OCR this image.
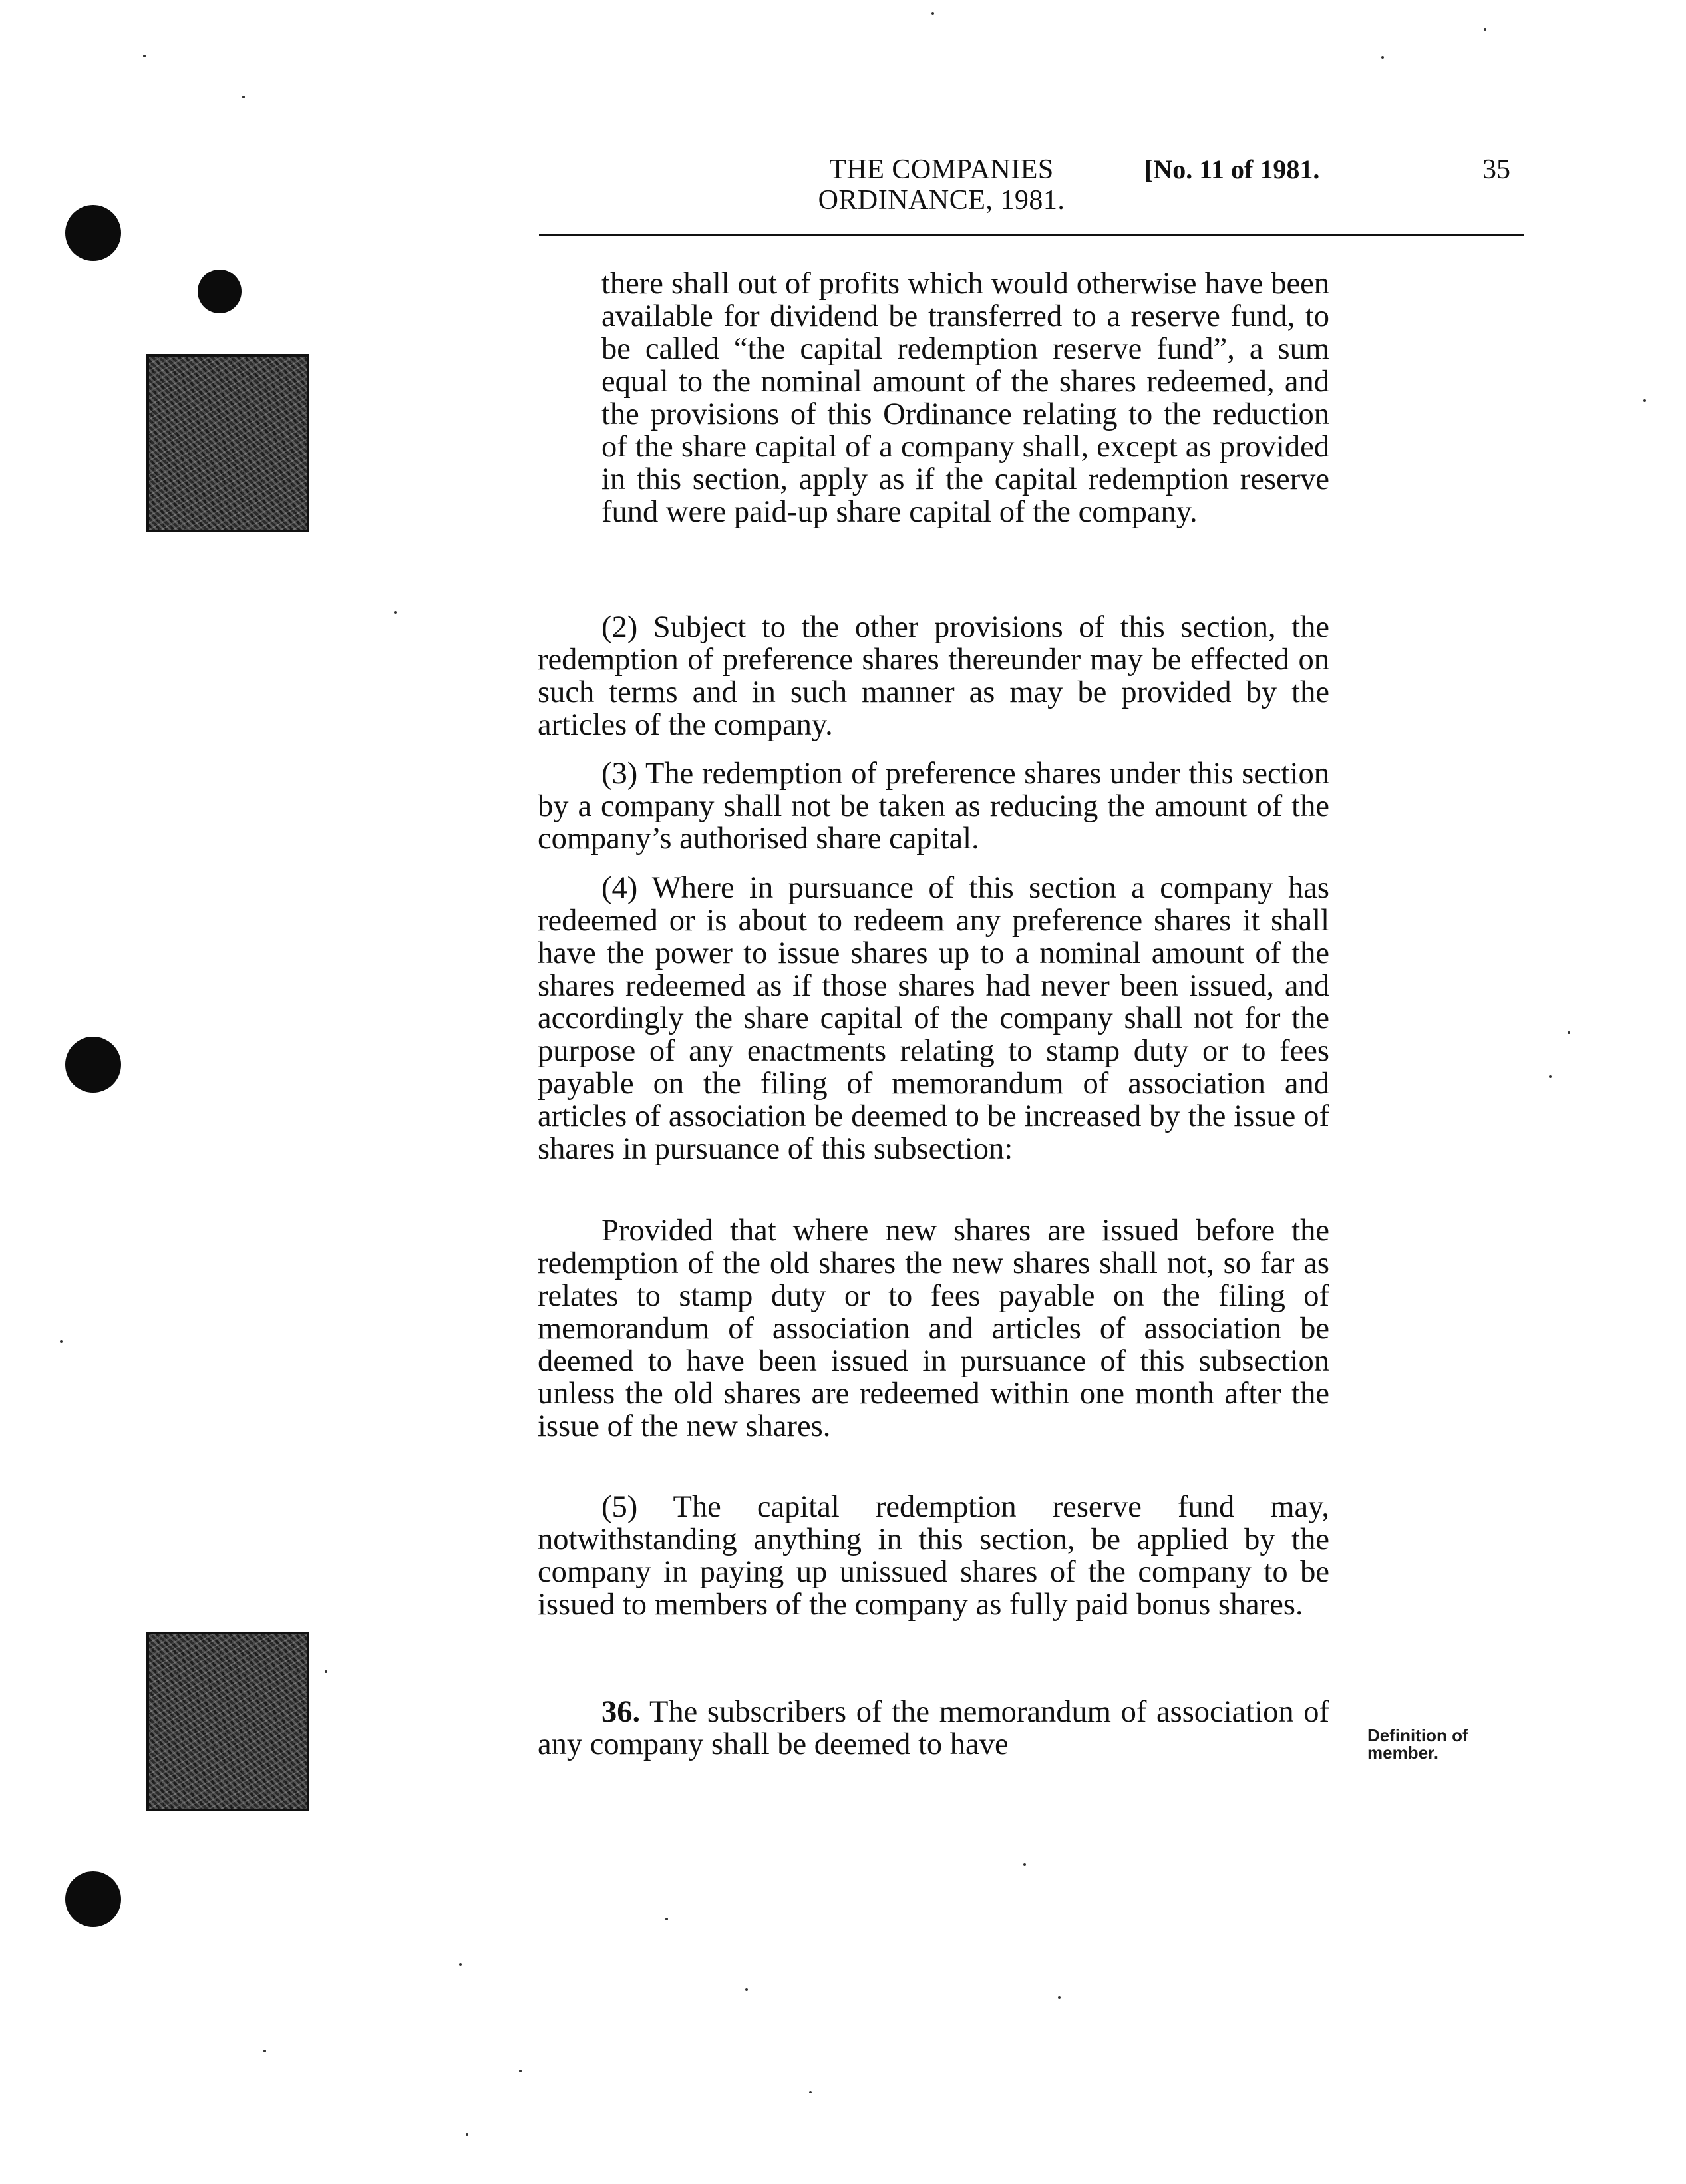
THE COMPANIES
ORDINANCE, 1981.
[No. 11 of 1981.	35
there shall out of profits which would otherwise have been available for dividend be transferred to a reserve fund, to be called “the capital redemption reserve fund”, a sum equal to the nominal amount of the shares redeemed, and the provisions of this Ordinance relating to the reduction of the share capital of a company shall, except as provided in this section, apply as if the capital redemption reserve fund were paid-up share capital of the company.
(2) Subject to the other provisions of this section, the redemption of preference shares thereunder may be effected on such terms and in such manner as may be provided by the articles of the company.
(3) The redemption of preference shares under this section by a company shall not be taken as reducing the amount of the company’s authorised share capital.
(4) Where in pursuance of this section a company has redeemed or is about to redeem any preference shares it shall have the power to issue shares up to a nominal amount of the shares redeemed as if those shares had never been issued, and accordingly the share capital of the company shall not for the purpose of any enactments relating to stamp duty or to fees payable on the filing of memorandum of association and articles of association be deemed to be increased by the issue of shares in pursuance of this subsection:
Provided that where new shares are issued before the redemption of the old shares the new shares shall not, so far as relates to stamp duty or to fees payable on the filing of memorandum of association and articles of association be deemed to have been issued in pursuance of this subsection unless the old shares are redeemed within one month after the issue of the new shares.
(5) The capital redemption reserve fund may, notwithstanding anything in this section, be applied by the company in paying up unissued shares of the company to be issued to members of the company as fully paid bonus shares.
36. The subscribers of the memorandum of association of any company shall be deemed to have	Definition of
member.
